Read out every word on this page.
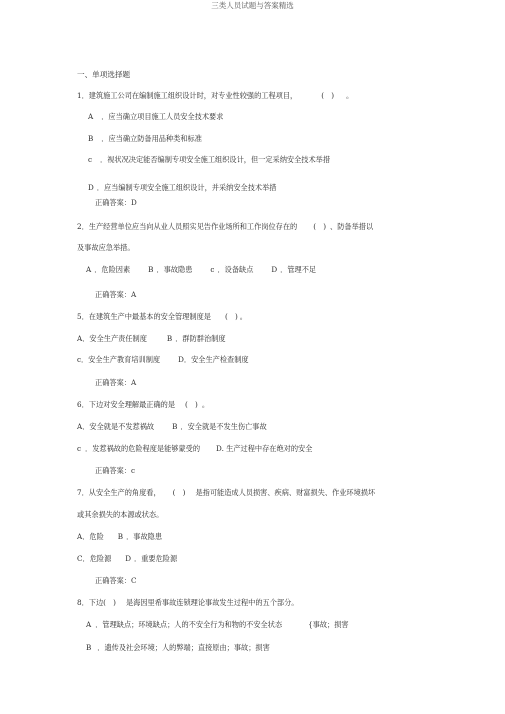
三类人员试题与答案精选
一、单项选择题
1．建筑施工公司在编制施工组织设计时，对专业性较强的工程项目，	(　) 。
A ．应当确立项目施工人员安全技术要求
B ．应当确立防备用品种类和标准
c ．视状况决定能否编制专项安全施工组织设计，但一定采纳安全技术举措
D ．应当编制专项安全施工组织设计，并采纳安全技术举措
正确答案：D
2．生产经营单位应当向从业人员照实见告作业场所和工作岗位存在的 (　) 、防备举措以
及事故应急举措。
A ．危险因素	B ．事故隐患	c ．设备缺点	D ．管理不足
正确答案：A
5．在建筑生产中最基本的安全管理制度是 (　) 。
A．安全生产责任制度	B ．群防群治制度
c．安全生产教育培训制度	D．安全生产检查制度
正确答案：A
6．下边对安全理解最正确的是 (　) 。
A．安全就是不发惹祸故	B ．安全就是不发生伤亡事故
c ．发惹祸故的危险程度是能够蒙受的 D. 生产过程中存在绝对的安全
正确答案：c
7．从安全生产的角度看， (　) 是指可能造成人员损害、疾病、财富损失、作业环境损坏
或其余损失的本源或状态。
A．危险 B ．事故隐患
C．危险源 D ．重要危险源
正确答案：C
8．下边(　) 是海因里希事故连锁理论事故发生过程中的五个部分。
A ．管理缺点；环境缺点；人的不安全行为和物的不安全状态	{事故；损害
B ．遗传及社会环境；人的弊端；直接原由；事故；损害
